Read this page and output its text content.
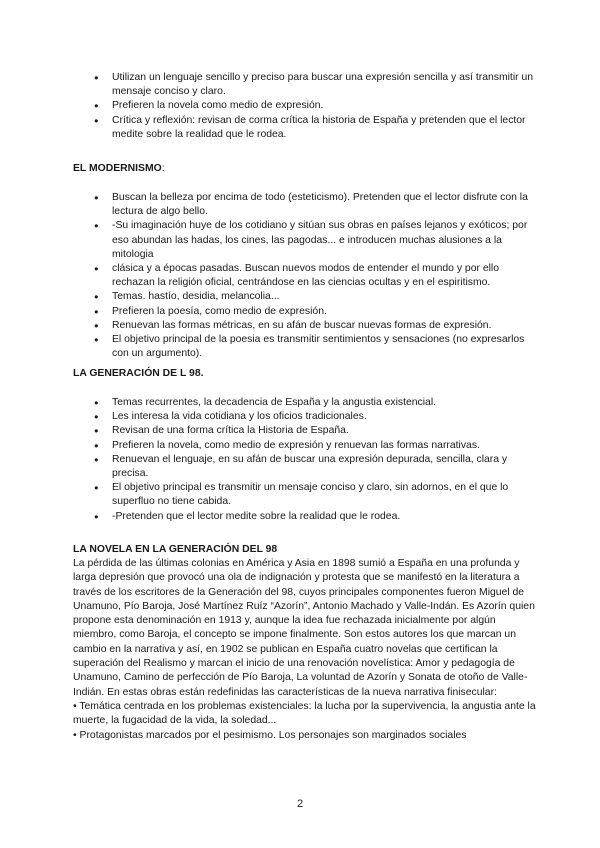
● Utilizan un lenguaje sencillo y preciso para buscar una expresión sencilla y así transmitir un mensaje conciso y claro.
● Prefieren la novela como medio de expresión.
● Crítica y reflexión: revisan de corma crítica la historia de España y pretenden que el lector medite sobre la realidad que le rodea.
EL MODERNISMO:
● Buscan la belleza por encima de todo (esteticismo). Pretenden que el lector disfrute con la lectura de algo bello.
● -Su imaginación huye de los cotidiano y sitúan sus obras en países lejanos y exóticos; por eso abundan las hadas, los cines, las pagodas... e introducen muchas alusiones a la mitologia
● clásica y a épocas pasadas. Buscan nuevos modos de entender el mundo y por ello rechazan la religión oficial, centrándose en las ciencias ocultas y en el espiritismo.
● Temas. hastío, desidia, melancolia...
● Prefieren la poesía, como medio de expresión.
● Renuevan las formas métricas, en su afán de buscar nuevas formas de expresión.
● El objetivo principal de la poesia es transmitir sentimientos y sensaciones (no expresarlos con un argumento).
LA GENERACIÓN DE L 98.
● Temas recurrentes, la decadencia de España y la angustia existencial.
● Les interesa la vida cotidiana y los oficios tradicionales.
● Revisan de una forma crítica la Historia de España.
● Prefieren la novela, como medio de expresión y renuevan las formas narrativas.
● Renuevan el lenguaje, en su afán de buscar una expresión depurada, sencilla, clara y precisa.
● El objetivo principal es transmitir un mensaje conciso y claro, sin adornos, en el que lo superfluo no tiene cabida.
● -Pretenden que el lector medite sobre la realidad que le rodea.
LA NOVELA EN LA GENERACIÓN DEL 98

La pérdida de las últimas colonias en América y Asia en 1898 sumió a España en una profunda y larga depresión que provocó una ola de indignación y protesta que se manifestó en la literatura a través de los escritores de la Generación del 98, cuyos principales componentes fueron Miguel de Unamuno, Pío Baroja, José Martínez Ruíz “Azorín”, Antonio Machado y Valle-Indán. Es Azorín quien propone esta denominación en 1913 y, aunque la idea fue rechazada inicialmente por algún miembro, como Baroja, el concepto se impone finalmente. Son estos autores los que marcan un cambio en la narrativa y así, en 1902 se publican en España cuatro novelas que certifican la superación del Realismo y marcan el inicio de una renovación novelística: Amor y pedagogía de Unamuno, Camino de perfección de Pío Baroja, La voluntad de Azorín y Sonata de otoño de Valle-Indián. En estas obras están redefinidas las características de la nueva narrativa finisecular:

• Temática centrada en los problemas existenciales: la lucha por la supervivencia, la angustia ante la muerte, la fugacidad de la vida, la soledad...

• Protagonistas marcados por el pesimismo. Los personajes son marginados sociales

2
